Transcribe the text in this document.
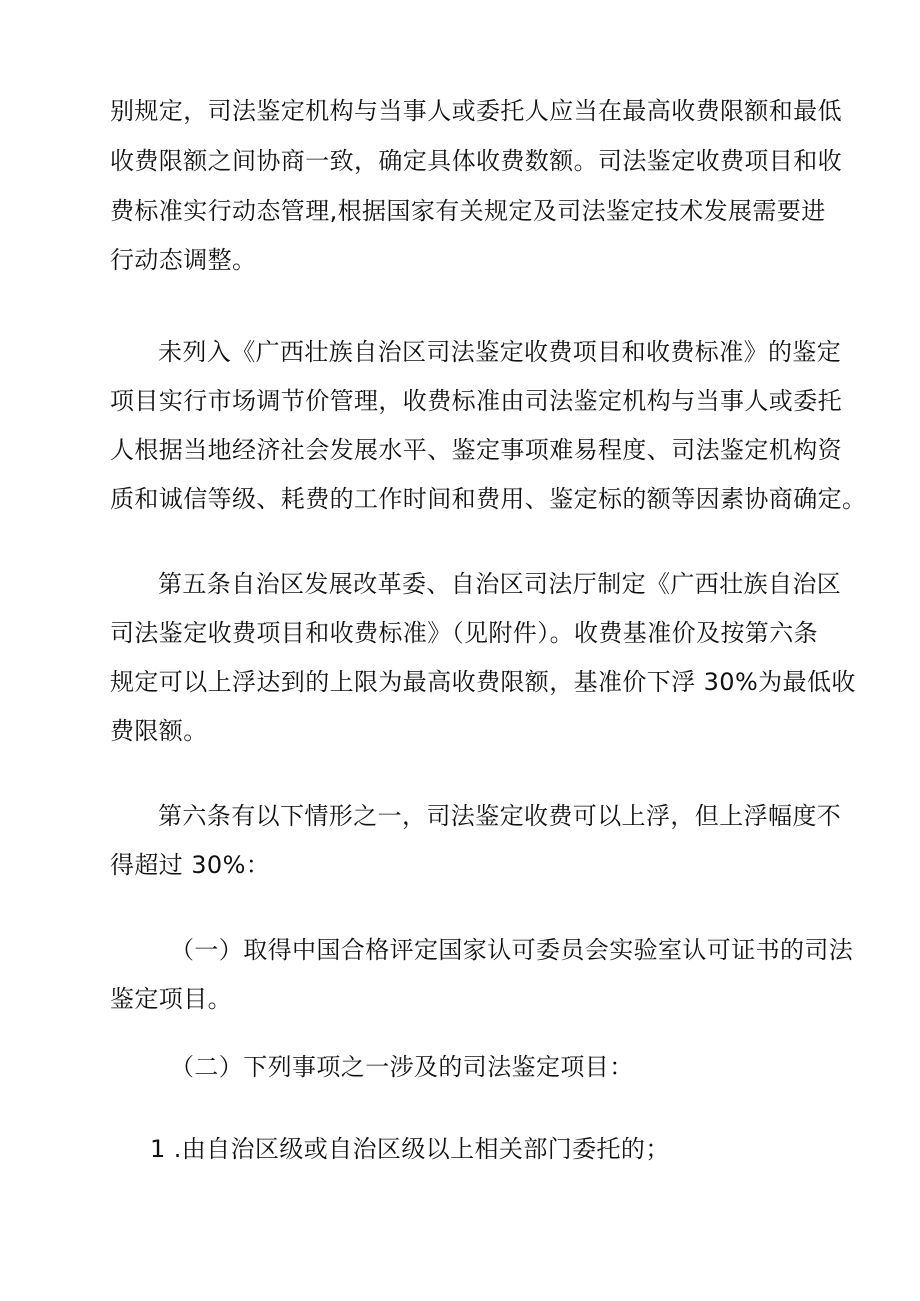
别规定，司法鉴定机构与当事人或委托人应当在最高收费限额和最低
收费限额之间协商一致，确定具体收费数额。司法鉴定收费项目和收
费标准实行动态管理,根据国家有关规定及司法鉴定技术发展需要进
行动态调整。
未列入《广西壮族自治区司法鉴定收费项目和收费标准》的鉴定
项目实行市场调节价管理，收费标准由司法鉴定机构与当事人或委托
人根据当地经济社会发展水平、鉴定事项难易程度、司法鉴定机构资
质和诚信等级、耗费的工作时间和费用、鉴定标的额等因素协商确定。
第五条自治区发展改革委、自治区司法厅制定《广西壮族自治区
司法鉴定收费项目和收费标准》（见附件）。收费基准价及按第六条
规定可以上浮达到的上限为最高收费限额，基准价下浮 30%为最低收
费限额。
第六条有以下情形之一，司法鉴定收费可以上浮，但上浮幅度不
得超过 30%：
（一）取得中国合格评定国家认可委员会实验室认可证书的司法
鉴定项目。
（二）下列事项之一涉及的司法鉴定项目：
1 .由自治区级或自治区级以上相关部门委托的；
